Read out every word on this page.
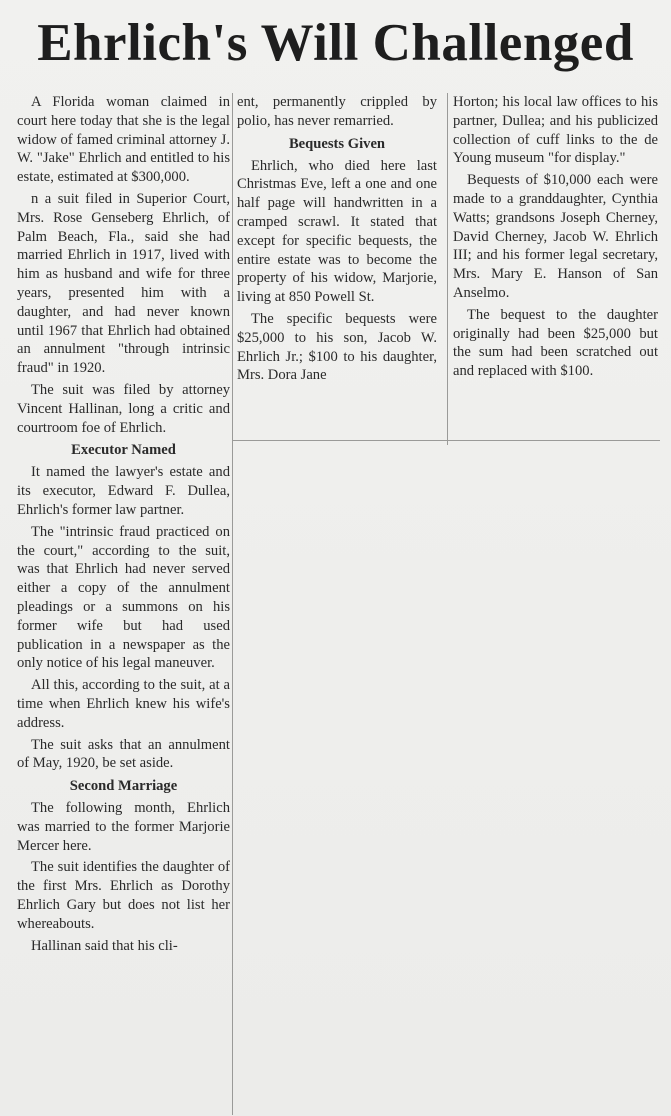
Ehrlich's Will Challenged

A Florida woman claimed in court here today that she is the legal widow of famed criminal attorney J. W. "Jake" Ehrlich and entitled to his estate, estimated at $300,000.

n a suit filed in Superior Court, Mrs. Rose Genseberg Ehrlich, of Palm Beach, Fla., said she had married Ehrlich in 1917, lived with him as husband and wife for three years, presented him with a daughter, and had never known until 1967 that Ehrlich had obtained an annulment "through intrinsic fraud" in 1920.

The suit was filed by attorney Vincent Hallinan, long a critic and courtroom foe of Ehrlich.

Executor Named

It named the lawyer's estate and its executor, Edward F. Dullea, Ehrlich's former law partner.

The "intrinsic fraud practiced on the court," according to the suit, was that Ehrlich had never served either a copy of the annulment pleadings or a summons on his former wife but had used publication in a newspaper as the only notice of his legal maneuver.

All this, according to the suit, at a time when Ehrlich knew his wife's address.

The suit asks that an annulment of May, 1920, be set aside.

Second Marriage

The following month, Ehrlich was married to the former Marjorie Mercer here.

The suit identifies the daughter of the first Mrs. Ehrlich as Dorothy Ehrlich Gary but does not list her whereabouts.

Hallinan said that his cli-

ent, permanently crippled by polio, has never remarried.

Bequests Given

Ehrlich, who died here last Christmas Eve, left a one and one half page will handwritten in a cramped scrawl. It stated that except for specific bequests, the entire estate was to become the property of his widow, Marjorie, living at 850 Powell St.

The specific bequests were $25,000 to his son, Jacob W. Ehrlich Jr.; $100 to his daughter, Mrs. Dora Jane

Horton; his local law offices to his partner, Dullea; and his publicized collection of cuff links to the de Young museum "for display."

Bequests of $10,000 each were made to a granddaughter, Cynthia Watts; grandsons Joseph Cherney, David Cherney, Jacob W. Ehrlich III; and his former legal secretary, Mrs. Mary E. Hanson of San Anselmo.

The bequest to the daughter originally had been $25,000 but the sum had been scratched out and replaced with $100.
